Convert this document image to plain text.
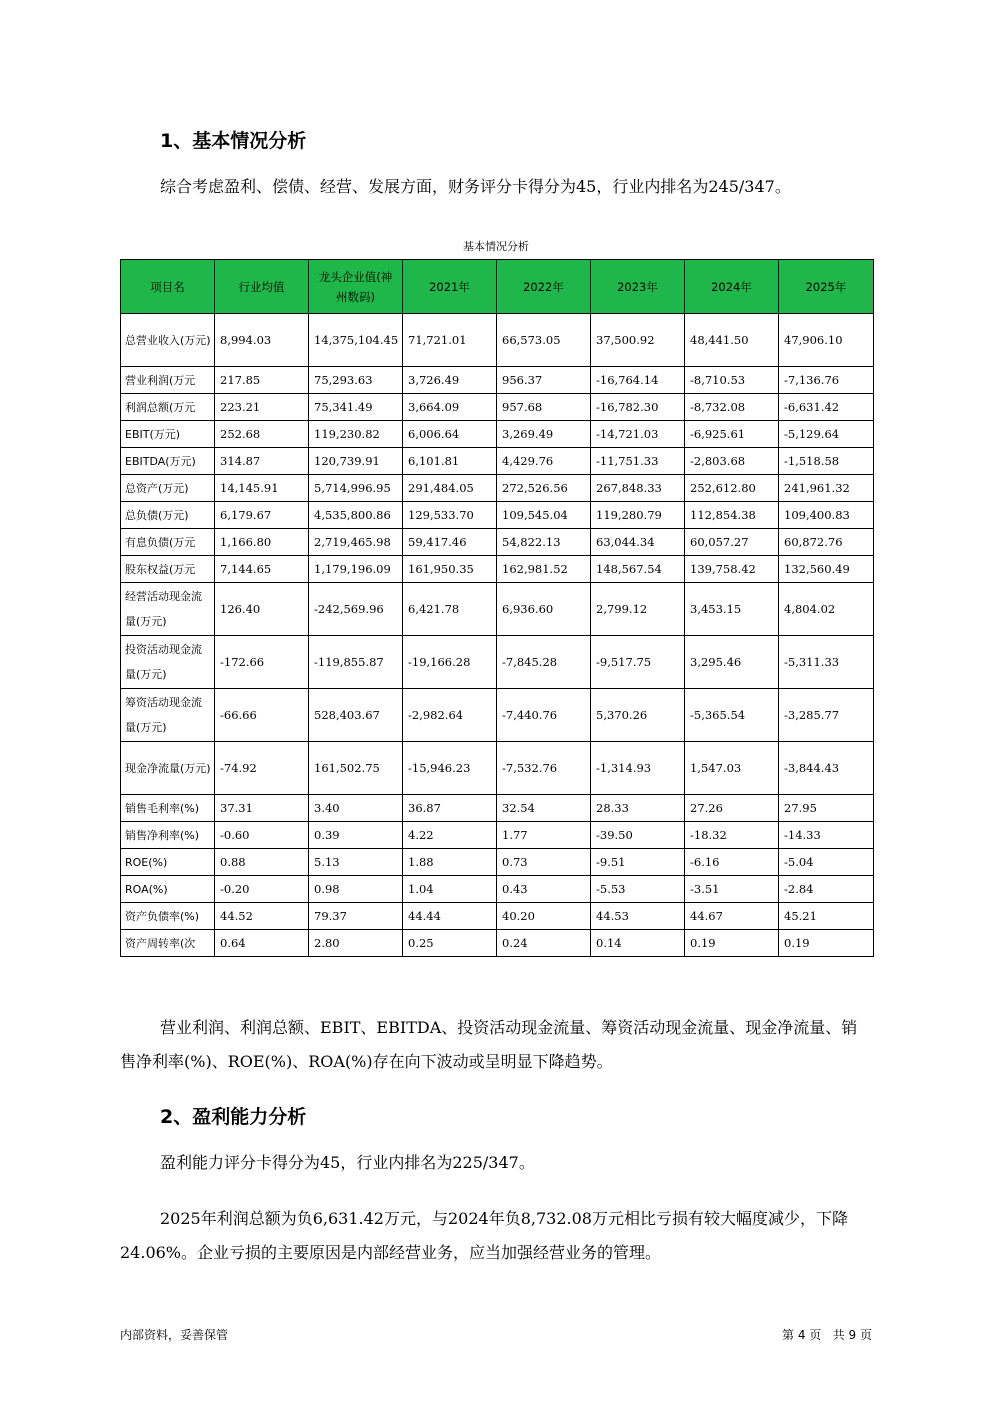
1、基本情况分析
综合考虑盈利、偿债、经营、发展方面，财务评分卡得分为45，行业内排名为245/347。
基本情况分析
项目名	行业均值	龙头企业值(神州数码)	2021年	2022年	2023年	2024年	2025年
总营业收入(万元)	8,994.03	14,375,104.45	71,721.01	66,573.05	37,500.92	48,441.50	47,906.10
营业利润(万元	217.85	75,293.63	3,726.49	956.37	-16,764.14	-8,710.53	-7,136.76
利润总额(万元	223.21	75,341.49	3,664.09	957.68	-16,782.30	-8,732.08	-6,631.42
EBIT(万元)	252.68	119,230.82	6,006.64	3,269.49	-14,721.03	-6,925.61	-5,129.64
EBITDA(万元)	314.87	120,739.91	6,101.81	4,429.76	-11,751.33	-2,803.68	-1,518.58
总资产(万元)	14,145.91	5,714,996.95	291,484.05	272,526.56	267,848.33	252,612.80	241,961.32
总负债(万元)	6,179.67	4,535,800.86	129,533.70	109,545.04	119,280.79	112,854.38	109,400.83
有息负债(万元	1,166.80	2,719,465.98	59,417.46	54,822.13	63,044.34	60,057.27	60,872.76
股东权益(万元	7,144.65	1,179,196.09	161,950.35	162,981.52	148,567.54	139,758.42	132,560.49
经营活动现金流量(万元)	126.40	-242,569.96	6,421.78	6,936.60	2,799.12	3,453.15	4,804.02
投资活动现金流量(万元)	-172.66	-119,855.87	-19,166.28	-7,845.28	-9,517.75	3,295.46	-5,311.33
筹资活动现金流量(万元)	-66.66	528,403.67	-2,982.64	-7,440.76	5,370.26	-5,365.54	-3,285.77
现金净流量(万元)	-74.92	161,502.75	-15,946.23	-7,532.76	-1,314.93	1,547.03	-3,844.43
销售毛利率(%)	37.31	3.40	36.87	32.54	28.33	27.26	27.95
销售净利率(%)	-0.60	0.39	4.22	1.77	-39.50	-18.32	-14.33
ROE(%)	0.88	5.13	1.88	0.73	-9.51	-6.16	-5.04
ROA(%)	-0.20	0.98	1.04	0.43	-5.53	-3.51	-2.84
资产负债率(%)	44.52	79.37	44.44	40.20	44.53	44.67	45.21
资产周转率(次	0.64	2.80	0.25	0.24	0.14	0.19	0.19
营业利润、利润总额、EBIT、EBITDA、投资活动现金流量、筹资活动现金流量、现金净流量、销售净利率(%)、ROE(%)、ROA(%)存在向下波动或呈明显下降趋势。
2、盈利能力分析
盈利能力评分卡得分为45，行业内排名为225/347。
2025年利润总额为负6,631.42万元，与2024年负8,732.08万元相比亏损有较大幅度减少，下降24.06%。企业亏损的主要原因是内部经营业务，应当加强经营业务的管理。
内部资料，妥善保管	第 4 页   共 9 页
